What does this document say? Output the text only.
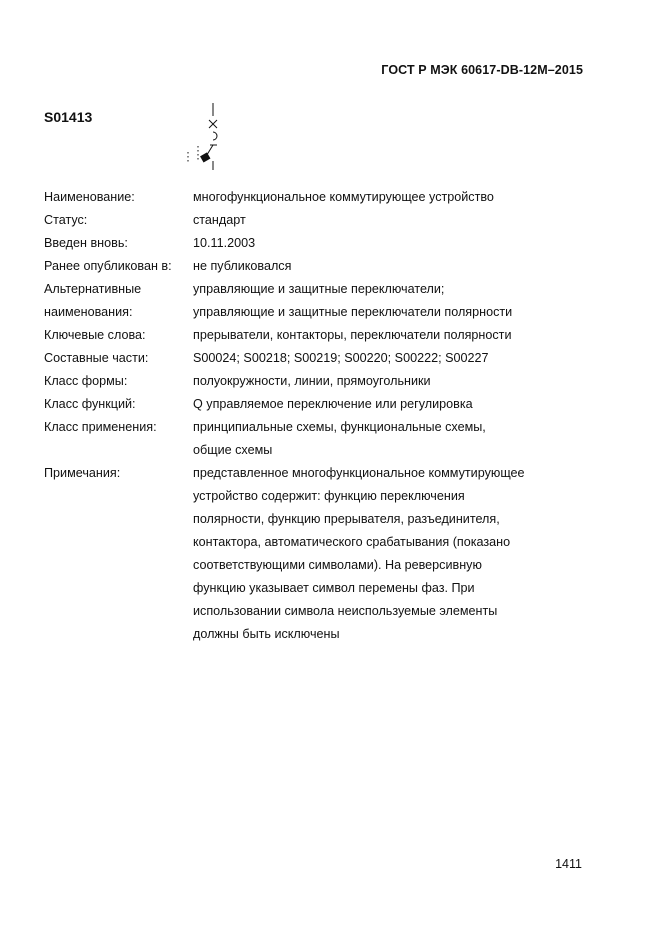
ГОСТ Р МЭК 60617-DB-12M–2015
S01413
Наименование:	многофункциональное коммутирующее устройство
Статус:	стандарт
Введен вновь:	10.11.2003
Ранее опубликован в:	не публиковался
Альтернативные	управляющие и защитные переключатели;
наименования:	управляющие и защитные переключатели полярности
Ключевые слова:	прерыватели, контакторы, переключатели полярности
Составные части:	S00024; S00218; S00219; S00220; S00222; S00227
Класс формы:	полуокружности, линии, прямоугольники
Класс функций:	Q управляемое переключение или регулировка
Класс применения:	принципиальные схемы, функциональные схемы,
общие схемы
Примечания:	представленное многофункциональное коммутирующее
устройство содержит: функцию переключения
полярности, функцию прерывателя, разъединителя,
контактора, автоматического срабатывания (показано
соответствующими символами). На реверсивную
функцию указывает символ перемены фаз. При
использовании символа неиспользуемые элементы
должны быть исключены
1411
